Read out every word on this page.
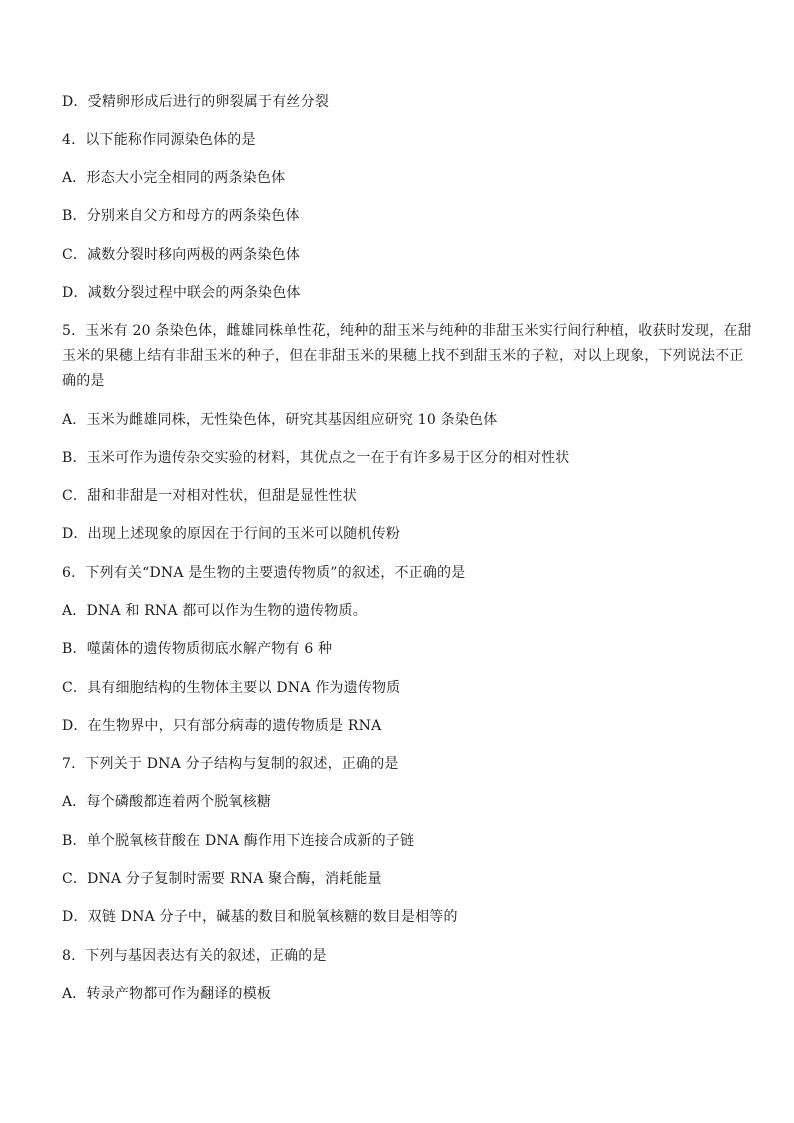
D．受精卵形成后进行的卵裂属于有丝分裂
4．以下能称作同源染色体的是
A．形态大小完全相同的两条染色体
B．分别来自父方和母方的两条染色体
C．减数分裂时移向两极的两条染色体
D．减数分裂过程中联会的两条染色体
5．玉米有 20 条染色体，雌雄同株单性花，纯种的甜玉米与纯种的非甜玉米实行间行种植，收获时发现，在甜
玉米的果穗上结有非甜玉米的种子，但在非甜玉米的果穗上找不到甜玉米的子粒，对以上现象，下列说法不正
确的是
A．玉米为雌雄同株，无性染色体，研究其基因组应研究 10 条染色体
B．玉米可作为遗传杂交实验的材料，其优点之一在于有许多易于区分的相对性状
C．甜和非甜是一对相对性状，但甜是显性性状
D．出现上述现象的原因在于行间的玉米可以随机传粉
6．下列有关“DNA 是生物的主要遗传物质”的叙述，不正确的是
A．DNA 和 RNA 都可以作为生物的遗传物质。
B．噬菌体的遗传物质彻底水解产物有 6 种
C．具有细胞结构的生物体主要以 DNA 作为遗传物质
D．在生物界中，只有部分病毒的遗传物质是 RNA
7．下列关于 DNA 分子结构与复制的叙述，正确的是
A．每个磷酸都连着两个脱氧核糖
B．单个脱氧核苷酸在 DNA 酶作用下连接合成新的子链
C．DNA 分子复制时需要 RNA 聚合酶，消耗能量
D．双链 DNA 分子中，碱基的数目和脱氧核糖的数目是相等的
8．下列与基因表达有关的叙述，正确的是
A．转录产物都可作为翻译的模板
